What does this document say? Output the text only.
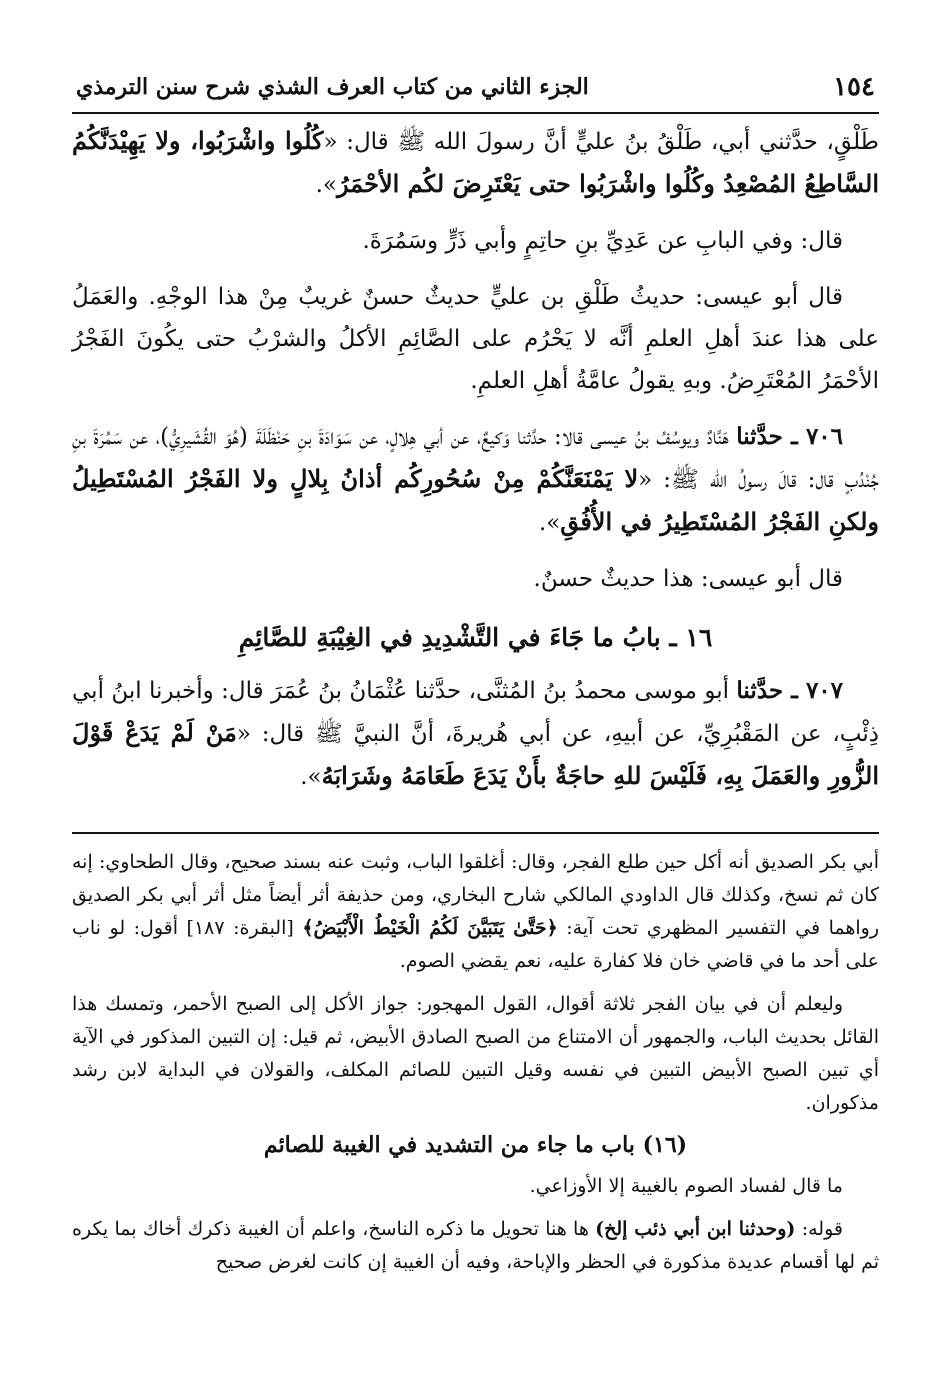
١٥٤
الجزء الثاني من كتاب العرف الشذي شرح سنن الترمذي

طَلْقٍ، حدَّثني أبي، طَلْقُ بنُ عليٍّ أنَّ رسولَ الله ﷺ قال: «كُلُوا واشْرَبُوا، ولا يَهِيْدَنَّكُمُ السَّاطِعُ المُصْعِدُ وكُلُوا واشْرَبُوا حتى يَعْتَرِضَ لكُم الأحْمَرُ».

قال: وفي البابِ عن عَدِيِّ بنِ حاتِمٍ وأبي ذَرٍّ وسَمُرَةَ.

قال أبو عيسى: حديثُ طَلْقِ بن عليٍّ حديثٌ حسنٌ غريبٌ مِنْ هذا الوجْهِ. والعَمَلُ على هذا عندَ أهلِ العلمِ أنَّه لا يَحْرُم على الصَّائِمِ الأكلُ والشرْبُ حتى يكُونَ الفَجْرُ الأحْمَرُ المُعْتَرِضُ. وبهِ يقولُ عامَّةُ أهلِ العلمِ.

٧٠٦ ـ حدَّثنا هَنَّادٌ ويوسُفُ بنُ عيسى قالا: حدَّثنا وَكيعٌ، عن أبي هِلالٍ، عن سَوَادَةَ بنِ حَنْظَلَةَ (هُوَ القُشَيرِيُّ)، عن سَمُرَةَ بنِ جُنْدُبٍ قال: قالَ رسولُ الله ﷺ: «لا يَمْنَعَنَّكُمْ مِنْ سُحُورِكُم أذانُ بِلالٍ ولا الفَجْرُ المُسْتَطِيلُ ولكنِ الفَجْرُ المُسْتَطِيرُ في الأُفُقِ».

قال أبو عيسى: هذا حديثٌ حسنٌ.

١٦ ـ بابُ ما جَاءَ في التَّشْدِيدِ في الغِيْبَةِ للصَّائِمِ

٧٠٧ ـ حدَّثنا أبو موسى محمدُ بنُ المُثنَّى، حدَّثنا عُثْمَانُ بنُ عُمَرَ قال: وأخبرنا ابنُ أبي ذِئْبٍ، عن المَقْبُرِيِّ، عن أبيهِ، عن أبي هُريرةَ، أنَّ النبيَّ ﷺ قال: «مَنْ لَمْ يَدَعْ قَوْلَ الزُّورِ والعَمَلَ بِهِ، فَلَيْسَ للهِ حاجَةٌ بأَنْ يَدَعَ طَعَامَهُ وشَرَابَهُ».

أبي بكر الصديق أنه أكل حين طلع الفجر، وقال: أغلقوا الباب، وثبت عنه بسند صحيح، وقال الطحاوي: إنه كان ثم نسخ، وكذلك قال الداودي المالكي شارح البخاري، ومن حذيفة أثر أيضاً مثل أثر أبي بكر الصديق رواهما في التفسير المظهري تحت آية: ﴿حَتَّىٰ يَتَبَيَّنَ لَكُمُ الْخَيْطُ الْأَبْيَضُ﴾ [البقرة: ١٨٧] أقول: لو ناب على أحد ما في قاضي خان فلا كفارة عليه، نعم يقضي الصوم.

وليعلم أن في بيان الفجر ثلاثة أقوال، القول المهجور: جواز الأكل إلى الصبح الأحمر، وتمسك هذا القائل بحديث الباب، والجمهور أن الامتناع من الصبح الصادق الأبيض، ثم قيل: إن التبين المذكور في الآية أي تبين الصبح الأبيض التبين في نفسه وقيل التبين للصائم المكلف، والقولان في البداية لابن رشد مذكوران.

(١٦) باب ما جاء من التشديد في الغيبة للصائم

ما قال لفساد الصوم بالغيبة إلا الأوزاعي.

قوله: (وحدثنا ابن أبي ذئب إلخ) ها هنا تحويل ما ذكره الناسخ، واعلم أن الغيبة ذكرك أخاك بما يكره ثم لها أقسام عديدة مذكورة في الحظر والإباحة، وفيه أن الغيبة إن كانت لغرض صحيح
